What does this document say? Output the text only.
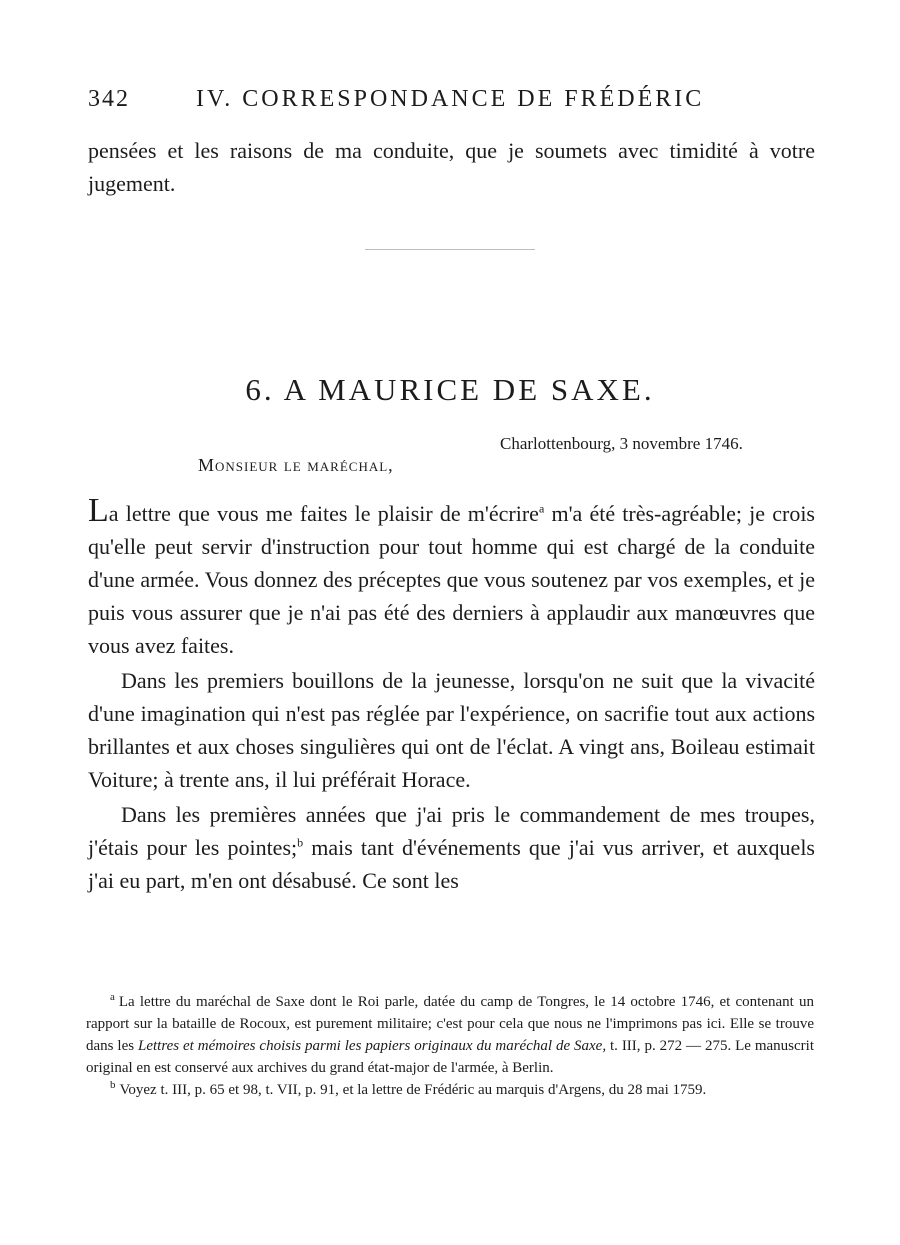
342	IV. CORRESPONDANCE DE FRÉDÉRIC

pensées et les raisons de ma conduite, que je soumets avec timidité à votre jugement.

6. A MAURICE DE SAXE.
Charlottenbourg, 3 novembre 1746.
Monsieur le maréchal,

La lettre que vous me faites le plaisir de m'écrire$^a$ m'a été très-agréable; je crois qu'elle peut servir d'instruction pour tout homme qui est chargé de la conduite d'une armée. Vous donnez des préceptes que vous soutenez par vos exemples, et je puis vous assurer que je n'ai pas été des derniers à applaudir aux manœuvres que vous avez faites.

Dans les premiers bouillons de la jeunesse, lorsqu'on ne suit que la vivacité d'une imagination qui n'est pas réglée par l'expérience, on sacrifie tout aux actions brillantes et aux choses singulières qui ont de l'éclat. A vingt ans, Boileau estimait Voiture; à trente ans, il lui préférait Horace.

Dans les premières années que j'ai pris le commandement de mes troupes, j'étais pour les pointes;$^b$ mais tant d'événements que j'ai vus arriver, et auxquels j'ai eu part, m'en ont désabusé. Ce sont les

$^a$ La lettre du maréchal de Saxe dont le Roi parle, datée du camp de Tongres, le 14 octobre 1746, et contenant un rapport sur la bataille de Rocoux, est purement militaire; c'est pour cela que nous ne l'imprimons pas ici. Elle se trouve dans les Lettres et mémoires choisis parmi les papiers originaux du maréchal de Saxe, t. III, p. 272 — 275. Le manuscrit original en est conservé aux archives du grand état-major de l'armée, à Berlin.

$^b$ Voyez t. III, p. 65 et 98, t. VII, p. 91, et la lettre de Frédéric au marquis d'Argens, du 28 mai 1759.
